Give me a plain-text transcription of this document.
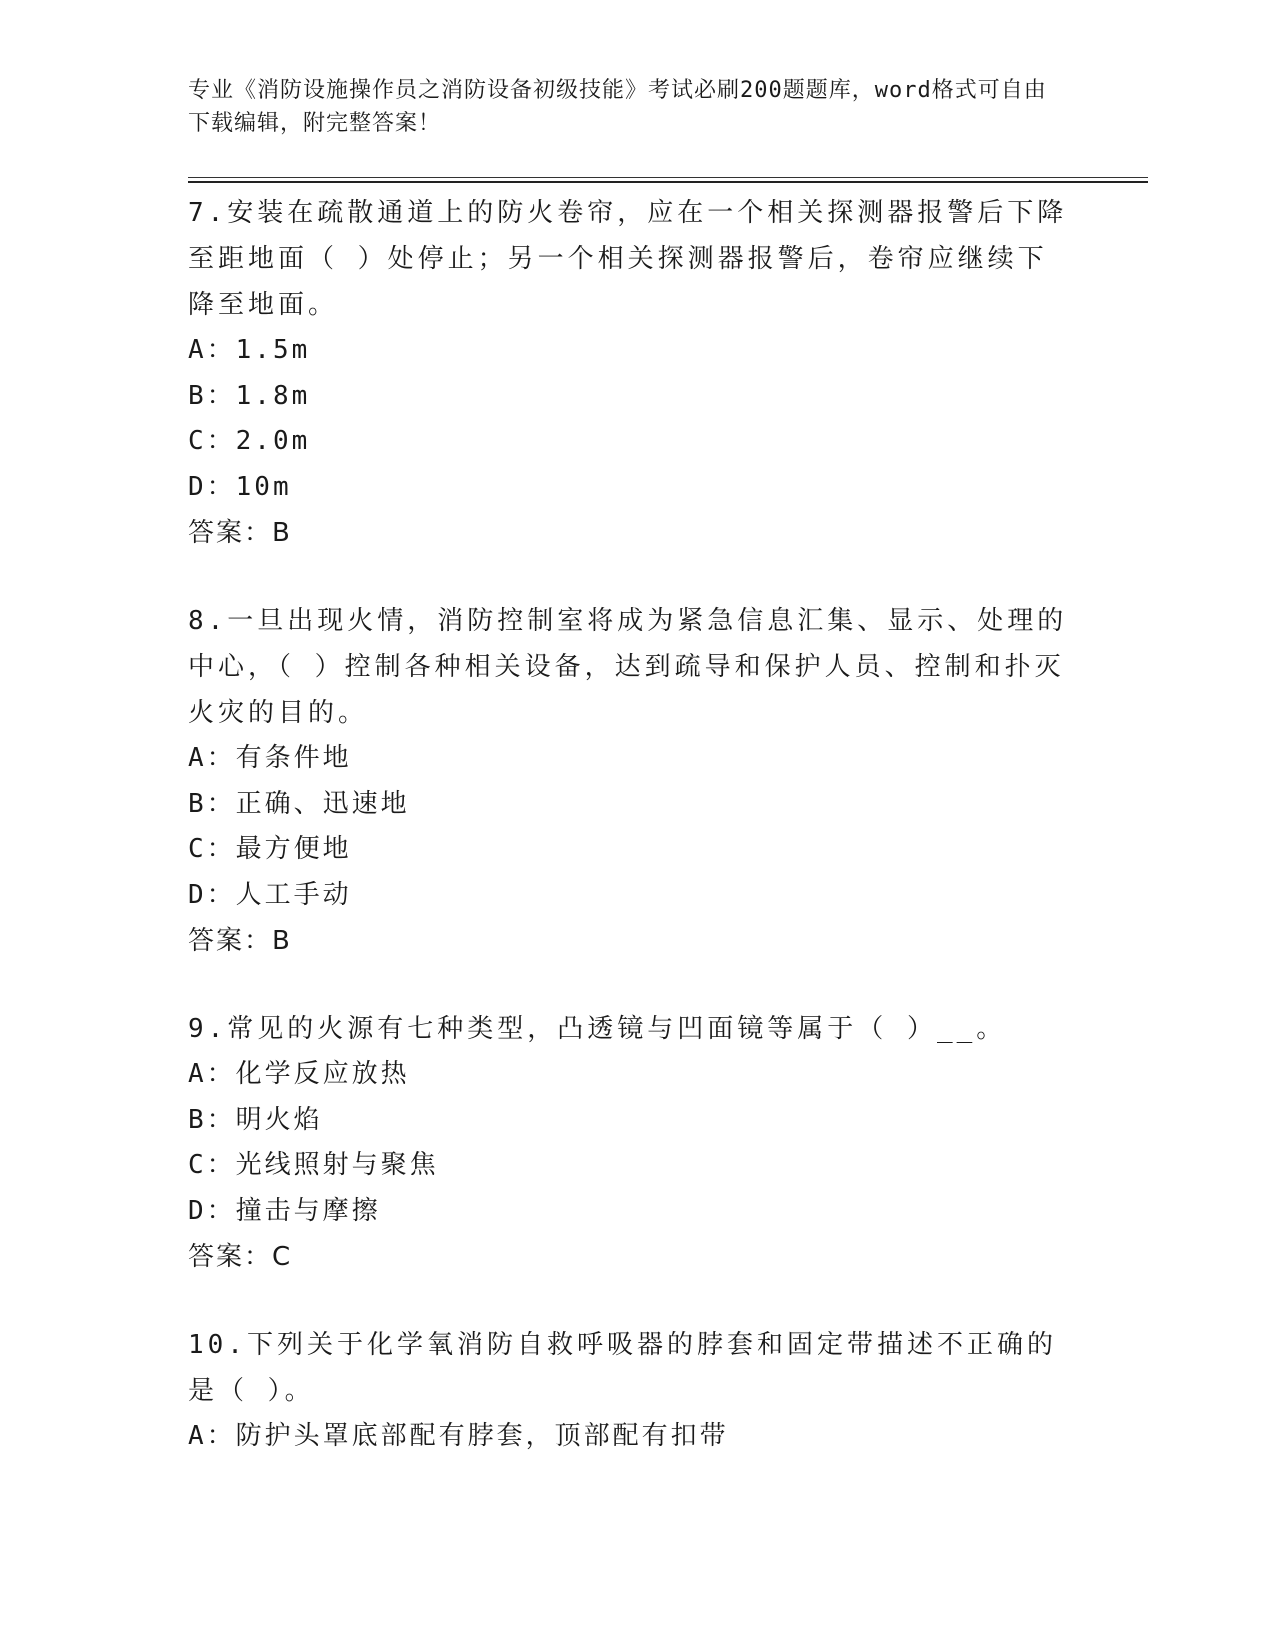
专业《消防设施操作员之消防设备初级技能》考试必刷200题题库，word格式可自由下载编辑，附完整答案！
7.安装在疏散通道上的防火卷帘，应在一个相关探测器报警后下降至距地面（ ）处停止；另一个相关探测器报警后，卷帘应继续下降至地面。
A：1.5m
B：1.8m
C：2.0m
D：10m
答案：B
8.一旦出现火情，消防控制室将成为紧急信息汇集、显示、处理的中心，（ ）控制各种相关设备，达到疏导和保护人员、控制和扑灭火灾的目的。
A：有条件地
B：正确、迅速地
C：最方便地
D：人工手动
答案：B
9.常见的火源有七种类型，凸透镜与凹面镜等属于（ ）__。
A：化学反应放热
B：明火焰
C：光线照射与聚焦
D：撞击与摩擦
答案：C
10.下列关于化学氧消防自救呼吸器的脖套和固定带描述不正确的是（ ）。
A：防护头罩底部配有脖套，顶部配有扣带
